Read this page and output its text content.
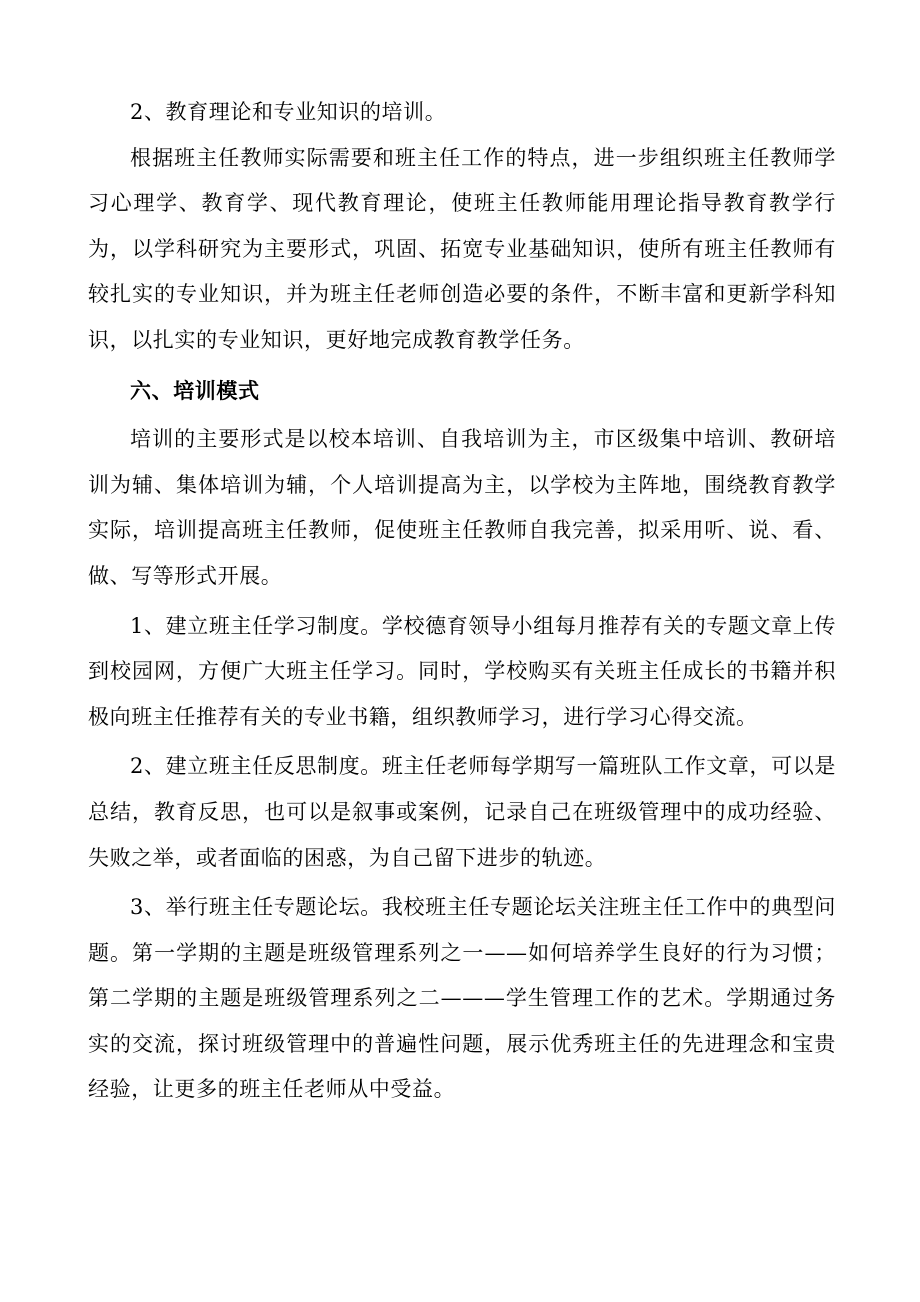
2、教育理论和专业知识的培训。

根据班主任教师实际需要和班主任工作的特点，进一步组织班主任教师学习心理学、教育学、现代教育理论，使班主任教师能用理论指导教育教学行为，以学科研究为主要形式，巩固、拓宽专业基础知识，使所有班主任教师有较扎实的专业知识，并为班主任老师创造必要的条件，不断丰富和更新学科知识，以扎实的专业知识，更好地完成教育教学任务。

六、培训模式

培训的主要形式是以校本培训、自我培训为主，市区级集中培训、教研培训为辅、集体培训为辅，个人培训提高为主，以学校为主阵地，围绕教育教学实际，培训提高班主任教师，促使班主任教师自我完善，拟采用听、说、看、做、写等形式开展。

1、建立班主任学习制度。学校德育领导小组每月推荐有关的专题文章上传到校园网，方便广大班主任学习。同时，学校购买有关班主任成长的书籍并积极向班主任推荐有关的专业书籍，组织教师学习，进行学习心得交流。

2、建立班主任反思制度。班主任老师每学期写一篇班队工作文章，可以是总结，教育反思，也可以是叙事或案例，记录自己在班级管理中的成功经验、失败之举，或者面临的困惑，为自己留下进步的轨迹。

3、举行班主任专题论坛。我校班主任专题论坛关注班主任工作中的典型问题。第一学期的主题是班级管理系列之一——如何培养学生良好的行为习惯；第二学期的主题是班级管理系列之二———学生管理工作的艺术。学期通过务实的交流，探讨班级管理中的普遍性问题，展示优秀班主任的先进理念和宝贵经验，让更多的班主任老师从中受益。
